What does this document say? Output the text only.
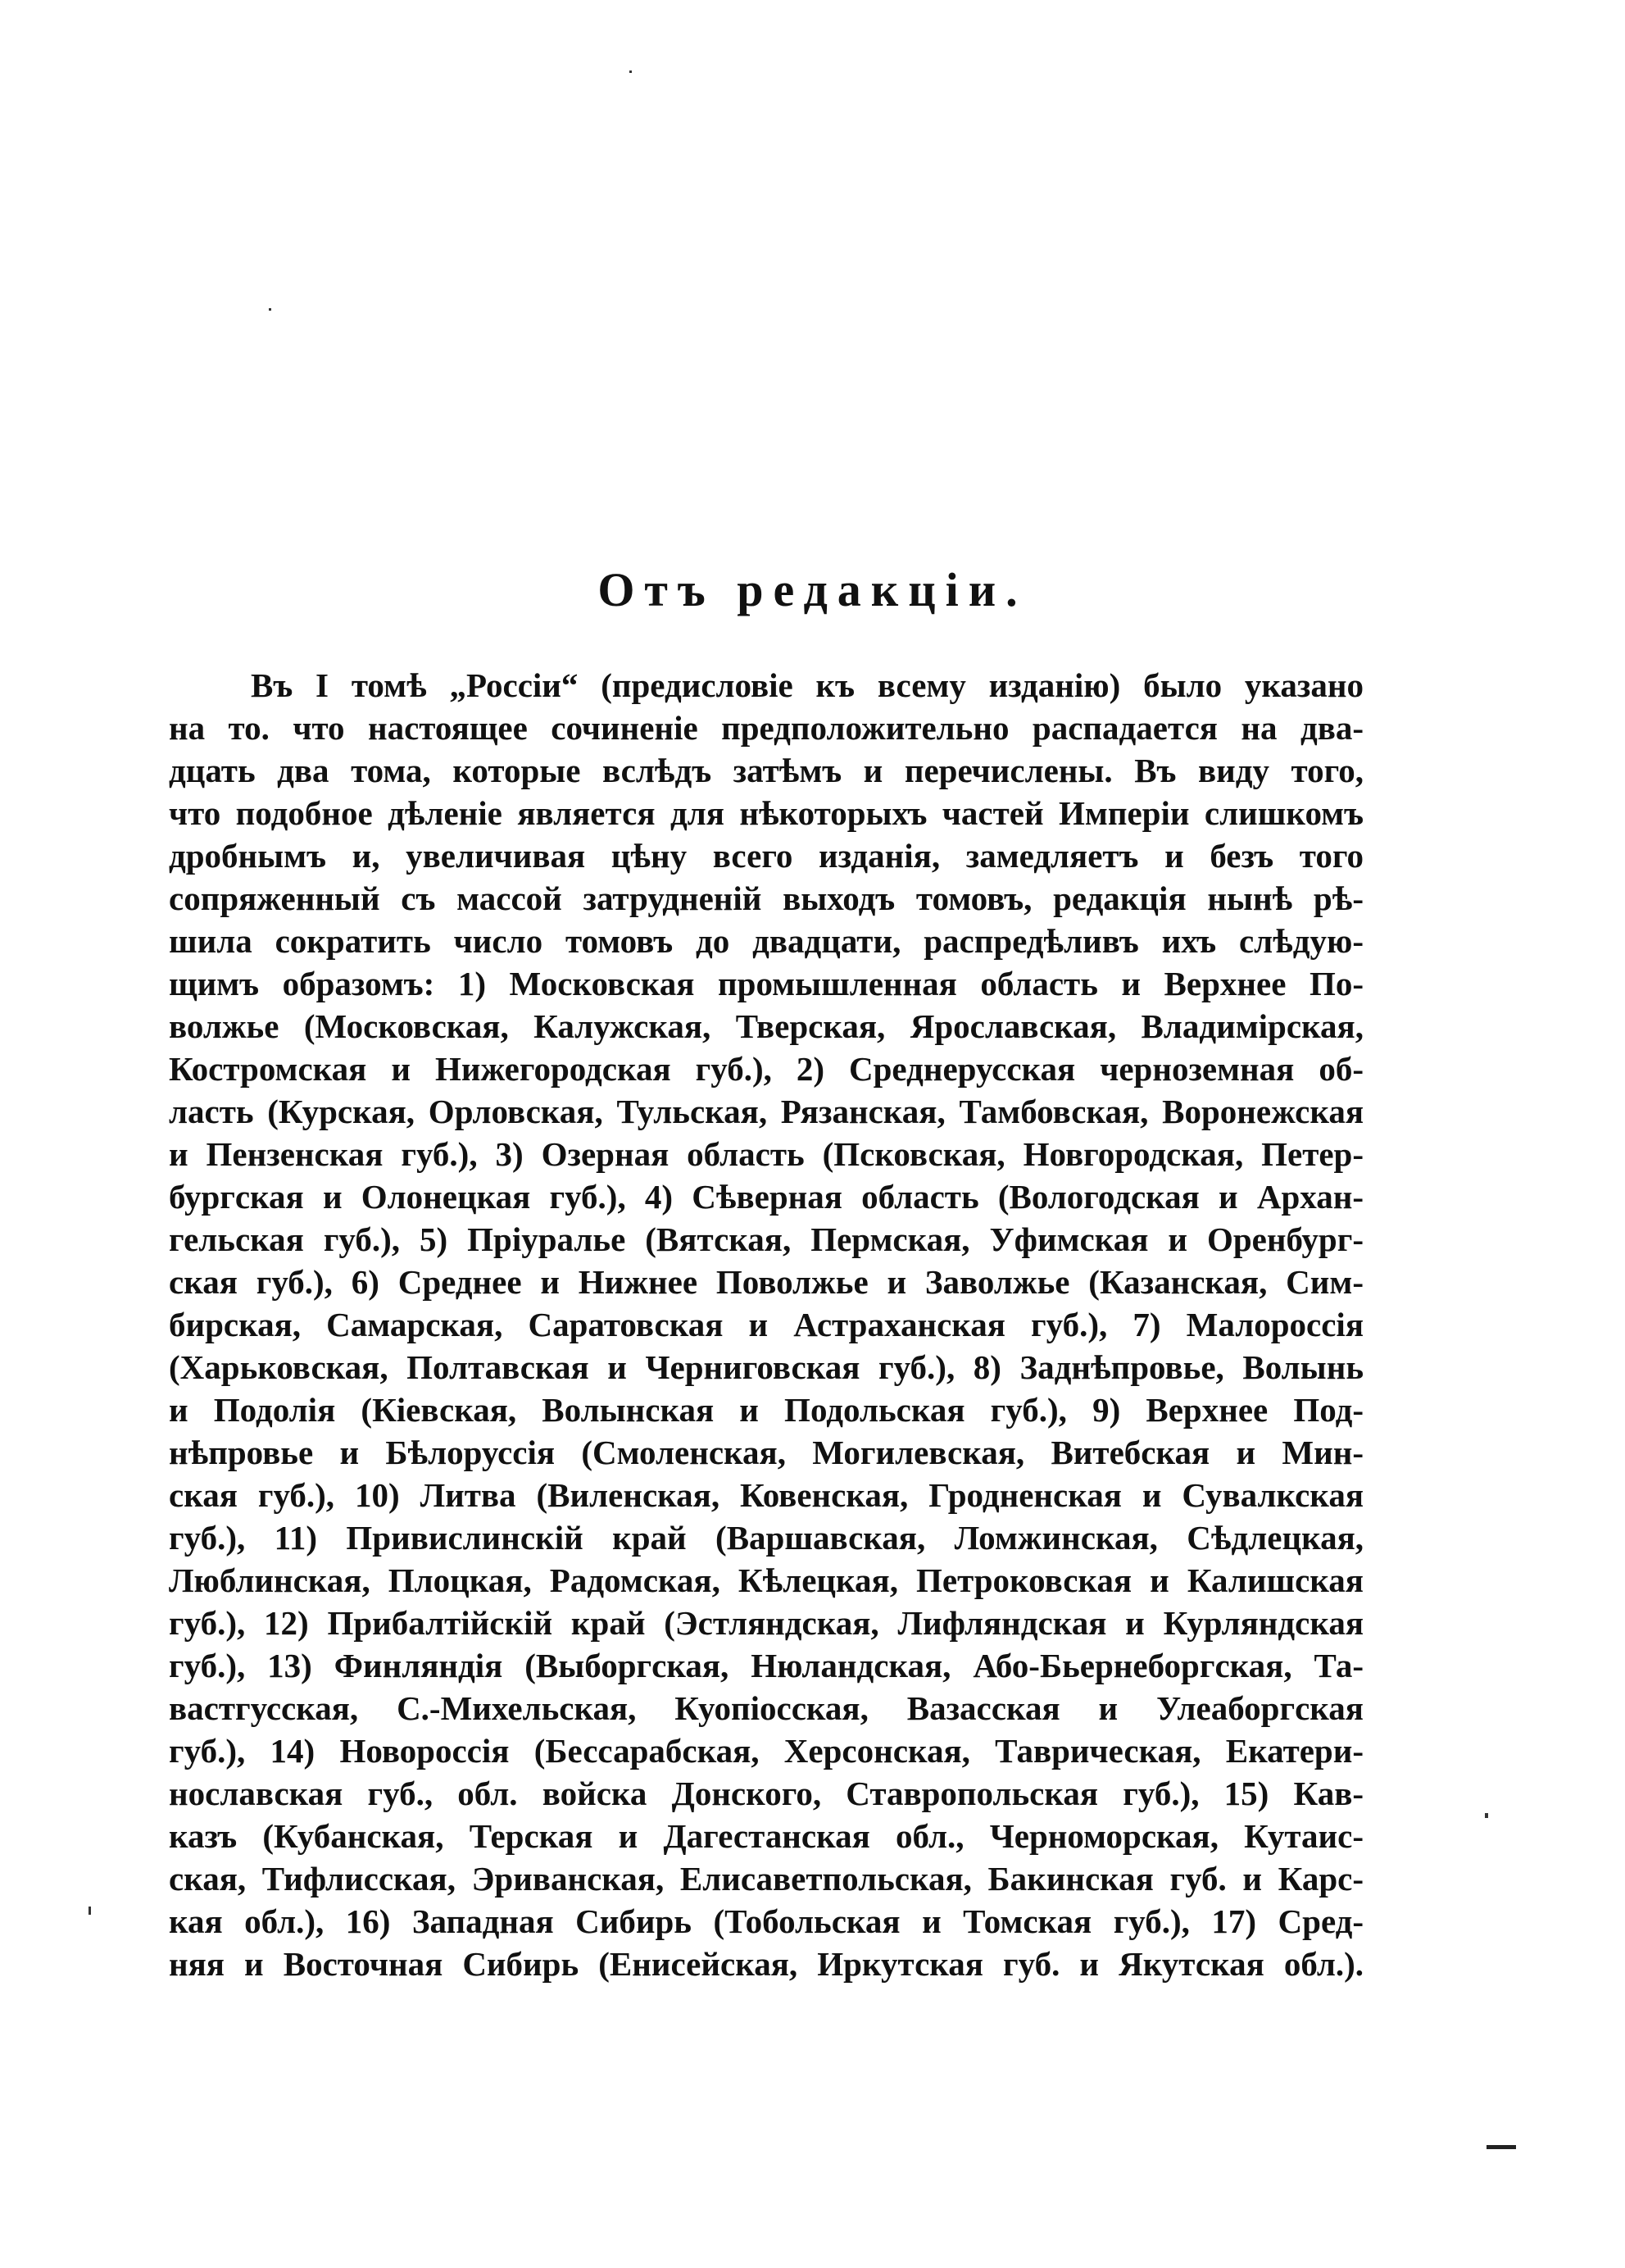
Отъ редакціи.
Въ I томѣ „Россіи“ (предисловіе къ всему изданію) было указано
на то. что настоящее сочиненіе предположительно распадается на два-
дцать два тома, которые вслѣдъ затѣмъ и перечислены. Въ виду того,
что подобное дѣленіе является для нѣкоторыхъ частей Имперіи слишкомъ
дробнымъ и, увеличивая цѣну всего изданія, замедляетъ и безъ того
сопряженный съ массой затрудненій выходъ томовъ, редакція нынѣ рѣ-
шила сократить число томовъ до двадцати, распредѣливъ ихъ слѣдую-
щимъ образомъ: 1) Московская промышленная область и Верхнее По-
волжье (Московская, Калужская, Тверская, Ярославская, Владимірская,
Костромская и Нижегородская губ.), 2) Среднерусская черноземная об-
ласть (Курская, Орловская, Тульская, Рязанская, Тамбовская, Воронежская
и Пензенская губ.), 3) Озерная область (Псковская, Новгородская, Петер-
бургская и Олонецкая губ.), 4) Сѣверная область (Вологодская и Архан-
гельская губ.), 5) Пріуралье (Вятская, Пермская, Уфимская и Оренбург-
ская губ.), 6) Среднее и Нижнее Поволжье и Заволжье (Казанская, Сим-
бирская, Самарская, Саратовская и Астраханская губ.), 7) Малороссія
(Харьковская, Полтавская и Черниговская губ.), 8) Заднѣпровье, Волынь
и Подолія (Кіевская, Волынская и Подольская губ.), 9) Верхнее Под-
нѣпровье и Бѣлоруссія (Смоленская, Могилевская, Витебская и Мин-
ская губ.), 10) Литва (Виленская, Ковенская, Гродненская и Сувалкская
губ.), 11) Привислинскій край (Варшавская, Ломжинская, Сѣдлецкая,
Люблинская, Плоцкая, Радомская, Кѣлецкая, Петроковская и Калишская
губ.), 12) Прибалтійскій край (Эстляндская, Лифляндская и Курляндская
губ.), 13) Финляндія (Выборгская, Нюландская, Або-Бьернеборгская, Та-
вастгусская, С.-Михельская, Куопіосская, Вазасская и Улеаборгская
губ.), 14) Новороссія (Бессарабская, Херсонская, Таврическая, Екатери-
нославская губ., обл. войска Донского, Ставропольская губ.), 15) Кав-
казъ (Кубанская, Терская и Дагестанская обл., Черноморская, Кутаис-
ская, Тифлисская, Эриванская, Елисаветпольская, Бакинская губ. и Карс-
кая обл.), 16) Западная Сибирь (Тобольская и Томская губ.), 17) Сред-
няя и Восточная Сибирь (Енисейская, Иркутская губ. и Якутская обл.).
